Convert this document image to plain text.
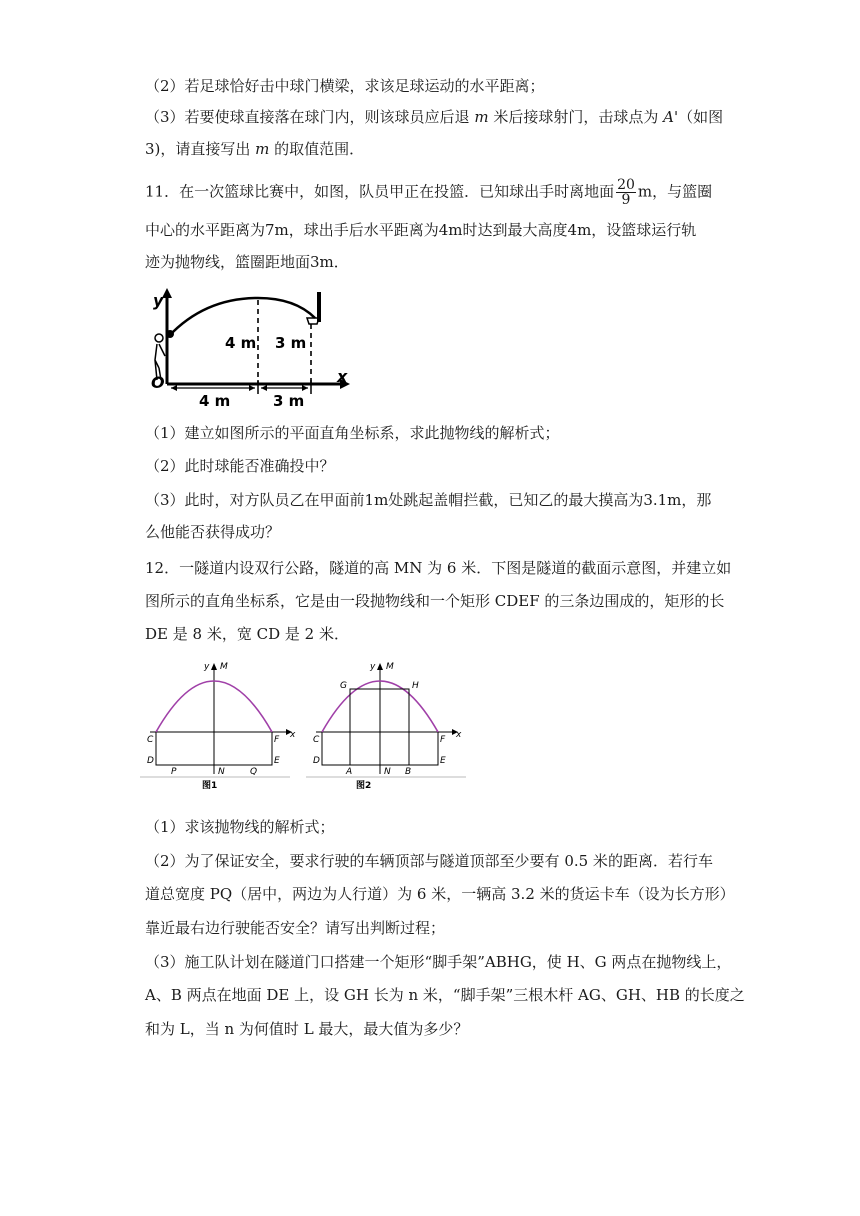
（2）若足球恰好击中球门横梁，求该足球运动的水平距离；
（3）若要使球直接落在球门内，则该球员应后退 m 米后接球射门，击球点为 A'（如图
3)，请直接写出 m 的取值范围．
11．在一次篮球比赛中，如图，队员甲正在投篮．已知球出手时离地面 $\frac{20}{9}$ m，与篮圈
中心的水平距离为7m，球出手后水平距离为4m时达到最大高度4m，设篮球运行轨
迹为抛物线，篮圈距地面3m．
y
x
O
4 m 3 m
4 m	3 m
（1）建立如图所示的平面直角坐标系，求此抛物线的解析式；
（2）此时球能否准确投中？
（3）此时，对方队员乙在甲面前1m处跳起盖帽拦截，已知乙的最大摸高为3.1m，那
么他能否获得成功？
12．一隧道内设双行公路，隧道的高 MN 为 6 米．下图是隧道的截面示意图，并建立如
图所示的直角坐标系，它是由一段抛物线和一个矩形 CDEF 的三条边围成的，矩形的长
DE 是 8 米，宽 CD 是 2 米．
y M
x
C	F
D
P	N	Q
E
图1
y M
x
G	H
C	F
D
A	N B
E
图2
（1）求该抛物线的解析式；
（2）为了保证安全，要求行驶的车辆顶部与隧道顶部至少要有 0.5 米的距离．若行车
道总宽度 PQ（居中，两边为人行道）为 6 米，一辆高 3.2 米的货运卡车（设为长方形）
靠近最右边行驶能否安全？请写出判断过程；
（3）施工队计划在隧道门口搭建一个矩形“脚手架”ABHG，使 H、G 两点在抛物线上，
A、B 两点在地面 DE 上，设 GH 长为 n 米，“脚手架”三根木杆 AG、GH、HB 的长度之
和为 L，当 n 为何值时 L 最大，最大值为多少？
